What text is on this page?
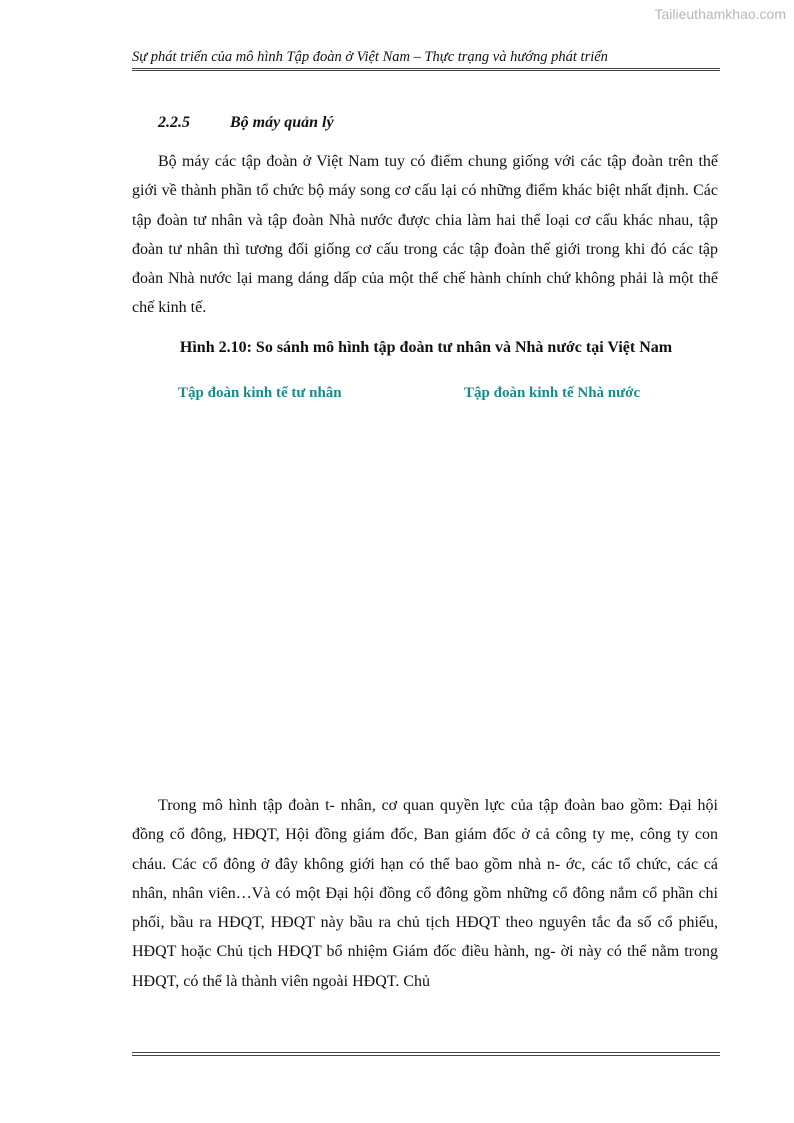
Tailieuthamkhao.com
Sự phát triển của mô hình Tập đoàn ở Việt Nam – Thực trạng và hướng phát triển
2.2.5	Bộ máy quản lý

Bộ máy các tập đoàn ở Việt Nam tuy có điểm chung giống với các tập đoàn trên thế giới về thành phần tổ chức bộ máy song cơ cấu lại có những điểm khác biệt nhất định. Các tập đoàn tư nhân và tập đoàn Nhà nước được chia làm hai thể loại cơ cấu khác nhau, tập đoàn tư nhân thì tương đối giống cơ cấu trong các tập đoàn thế giới trong khi đó các tập đoàn Nhà nước lại mang dáng dấp của một thể chế hành chính chứ không phải là một thể chế kinh tế.

Hình 2.10: So sánh mô hình tập đoàn tư nhân và Nhà nước tại Việt Nam
Tập đoàn kinh tế tư nhân	Tập đoàn kinh tế Nhà nước

Trong mô hình tập đoàn t- nhân, cơ quan quyền lực của tập đoàn bao gồm: Đại hội đồng cổ đông, HĐQT, Hội đồng giám đốc, Ban giám đốc ở cả công ty mẹ, công ty con cháu. Các cổ đông ở đây không giới hạn có thể bao gồm nhà n- ớc, các tổ chức, các cá nhân, nhân viên…Và có một Đại hội đồng cổ đông gồm những cổ đông nắm cổ phần chi phối, bầu ra HĐQT, HĐQT này bầu ra chủ tịch HĐQT theo nguyên tắc đa số cổ phiếu, HĐQT hoặc Chủ tịch HĐQT bổ nhiệm Giám đốc điều hành, ng- ời này có thể nằm trong HĐQT, có thể là thành viên ngoài HĐQT. Chủ
